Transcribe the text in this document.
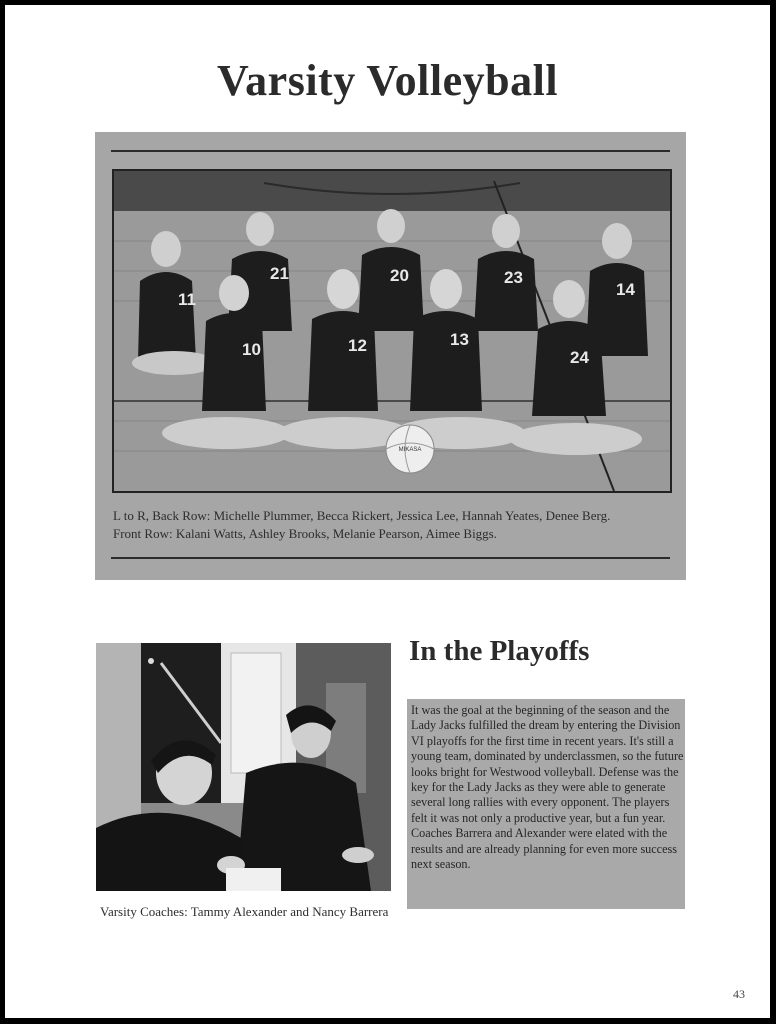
Varsity Volleyball
11
21	20	23
14
10	12	13
24
MIKASA
L to R, Back Row: Michelle Plummer, Becca Rickert, Jessica Lee, Hannah Yeates, Denee Berg.
Front Row: Kalani Watts, Ashley Brooks, Melanie Pearson, Aimee Biggs.
Varsity Coaches: Tammy Alexander and Nancy Barrera
In the Playoffs
It was the goal at the beginning of the season and the Lady Jacks fulfilled the dream by entering the Division VI playoffs for the first time in recent years. It's still a young team, dominated by underclassmen, so the future looks bright for Westwood volleyball. Defense was the key for the Lady Jacks as they were able to generate several long rallies with every opponent. The players felt it was not only a productive year, but a fun year. Coaches Barrera and Alexander were elated with the results and are already planning for even more success next season.
43
